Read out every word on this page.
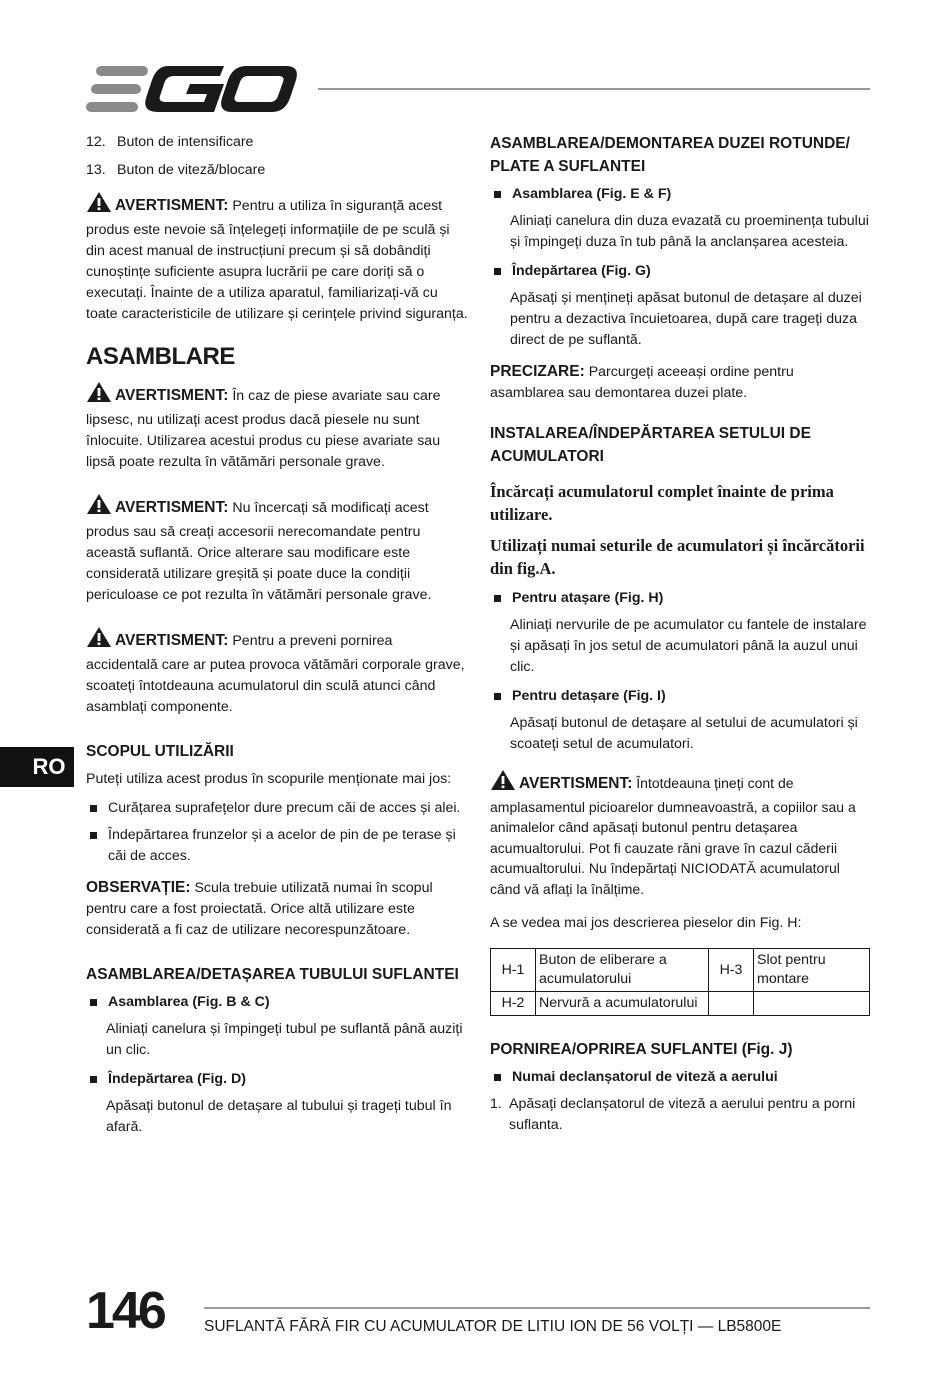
12. Buton de intensificare
13. Buton de viteză/blocare
AVERTISMENT: Pentru a utiliza în siguranță acest produs este nevoie să înțelegeți informațiile de pe sculă și din acest manual de instrucțiuni precum și să dobândiți cunoștințe suficiente asupra lucrării pe care doriți să o executați. Înainte de a utiliza aparatul, familiarizați-vă cu toate caracteristicile de utilizare și cerințele privind siguranța.
ASAMBLARE
AVERTISMENT: În caz de piese avariate sau care lipsesc, nu utilizați acest produs dacă piesele nu sunt înlocuite. Utilizarea acestui produs cu piese avariate sau lipsă poate rezulta în vătămări personale grave.
AVERTISMENT: Nu încercați să modificați acest produs sau să creați accesorii nerecomandate pentru această suflantă. Orice alterare sau modificare este considerată utilizare greșită și poate duce la condiții periculoase ce pot rezulta în vătămări personale grave.
AVERTISMENT: Pentru a preveni pornirea accidentală care ar putea provoca vătămări corporale grave, scoateți întotdeauna acumulatorul din sculă atunci când asamblați componente.
SCOPUL UTILIZĂRII
Puteți utiliza acest produs în scopurile menționate mai jos:
Curățarea suprafețelor dure precum căi de acces și alei.
Îndepărtarea frunzelor și a acelor de pin de pe terase și căi de acces.
OBSERVAȚIE: Scula trebuie utilizată numai în scopul pentru care a fost proiectată. Orice altă utilizare este considerată a fi caz de utilizare necorespunzătoare.
ASAMBLAREA/DETAȘAREA TUBULUI SUFLANTEI
Asamblarea (Fig. B & C)
Aliniați canelura și împingeți tubul pe suflantă până auziți un clic.
Îndepărtarea (Fig. D)
Apăsați butonul de detașare al tubului și trageți tubul în afară.
ASAMBLAREA/DEMONTAREA DUZEI ROTUNDE/ PLATE A SUFLANTEI
Asamblarea (Fig. E & F)
Aliniați canelura din duza evazată cu proeminența tubului și împingeți duza în tub până la anclanșarea acesteia.
Îndepărtarea (Fig. G)
Apăsați și mențineți apăsat butonul de detașare al duzei pentru a dezactiva încuietoarea, după care trageți duza direct de pe suflantă.
PRECIZARE: Parcurgeți aceeași ordine pentru asamblarea sau demontarea duzei plate.
INSTALAREA/ÎNDEPĂRTAREA SETULUI DE ACUMULATORI
Încărcați acumulatorul complet înainte de prima utilizare.
Utilizați numai seturile de acumulatori și încărcătorii din fig.A.
Pentru atașare (Fig. H)
Aliniați nervurile de pe acumulator cu fantele de instalare și apăsați în jos setul de acumulatori până la auzul unui clic.
Pentru detașare (Fig. I)
Apăsați butonul de detașare al setului de acumulatori și scoateți setul de acumulatori.
AVERTISMENT: Întotdeauna țineți cont de amplasamentul picioarelor dumneavoastră, a copiilor sau a animalelor când apăsați butonul pentru detașarea acumualtorului. Pot fi cauzate răni grave în cazul căderii acumualtorului. Nu îndepărtați NICIODATĂ acumulatorul când vă aflați la înălțime.
A se vedea mai jos descrierea pieselor din Fig. H:
H-1	Buton de eliberare a acumulatorului	H-3	Slot pentru montare
H-2	Nervură a acumulatorului		
PORNIREA/OPRIREA SUFLANTEI (Fig. J)
Numai declanșatorul de viteză a aerului
1. Apăsați declanșatorul de viteză a aerului pentru a porni suflanta.
RO
146	SUFLANTĂ FĂRĂ FIR CU ACUMULATOR DE LITIU ION DE 56 VOLȚI — LB5800E
